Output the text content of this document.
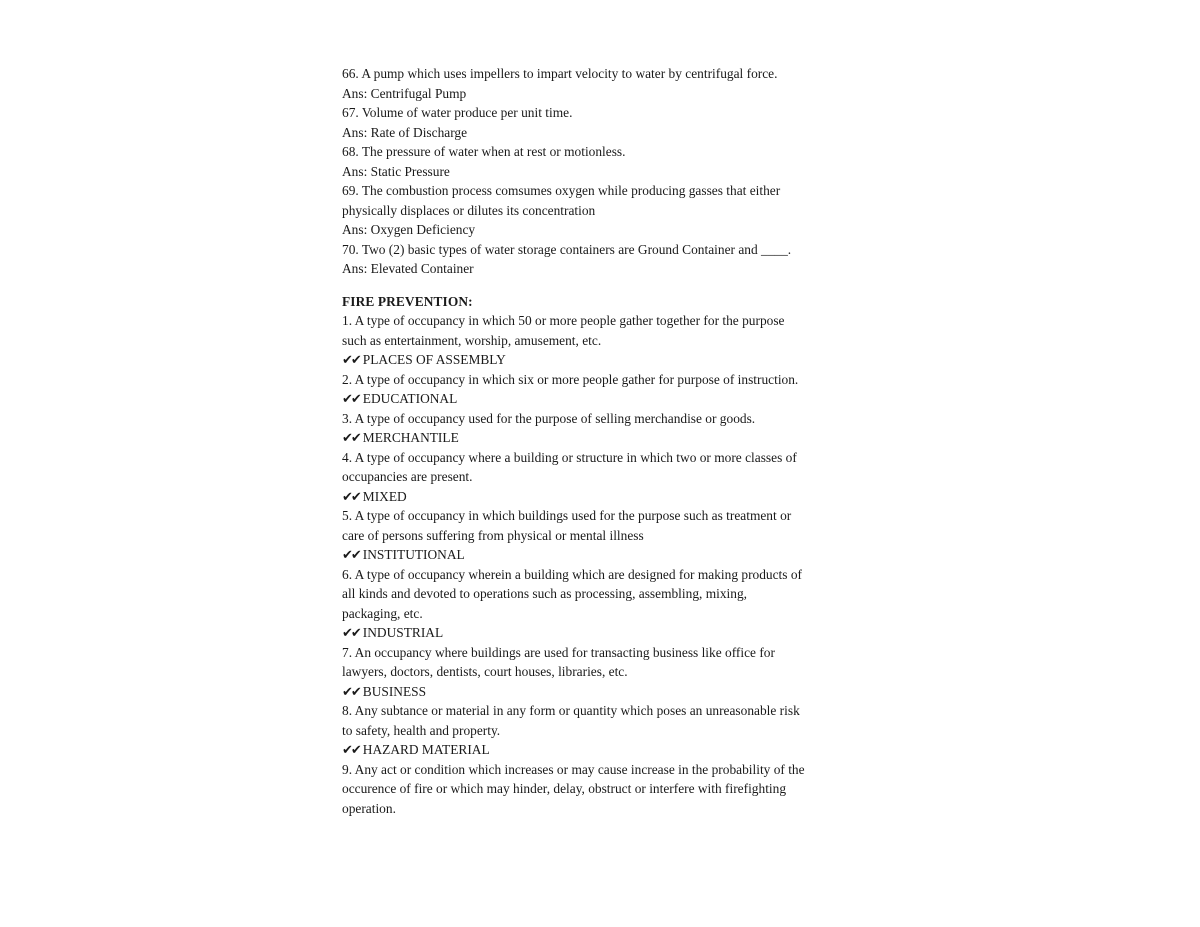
66. A pump which uses impellers to impart velocity to water by centrifugal force.

Ans: Centrifugal Pump

67. Volume of water produce per unit time.

Ans: Rate of Discharge

68. The pressure of water when at rest or motionless.

Ans: Static Pressure

69. The combustion process comsumes oxygen while producing gasses that either

physically displaces or dilutes its concentration

Ans: Oxygen Deficiency

70. Two (2) basic types of water storage containers are Ground Container and ____.

Ans: Elevated Container

FIRE PREVENTION:

1. A type of occupancy in which 50 or more people gather together for the purpose

such as entertainment, worship, amusement, etc.

✔✔ PLACES OF ASSEMBLY

2. A type of occupancy in which six or more people gather for purpose of instruction.

✔✔ EDUCATIONAL

3. A type of occupancy used for the purpose of selling merchandise or goods.

✔✔ MERCHANTILE

4. A type of occupancy where a building or structure in which two or more classes of

occupancies are present.

✔✔ MIXED

5. A type of occupancy in which buildings used for the purpose such as treatment or

care of persons suffering from physical or mental illness

✔✔ INSTITUTIONAL

6. A type of occupancy wherein a building which are designed for making products of

all kinds and devoted to operations such as processing, assembling, mixing,

packaging, etc.

✔✔ INDUSTRIAL

7. An occupancy where buildings are used for transacting business like office for

lawyers, doctors, dentists, court houses, libraries, etc.

✔✔ BUSINESS

8. Any subtance or material in any form or quantity which poses an unreasonable risk

to safety, health and property.

✔✔ HAZARD MATERIAL

9. Any act or condition which increases or may cause increase in the probability of the

occurence of fire or which may hinder, delay, obstruct or interfere with firefighting

operation.
